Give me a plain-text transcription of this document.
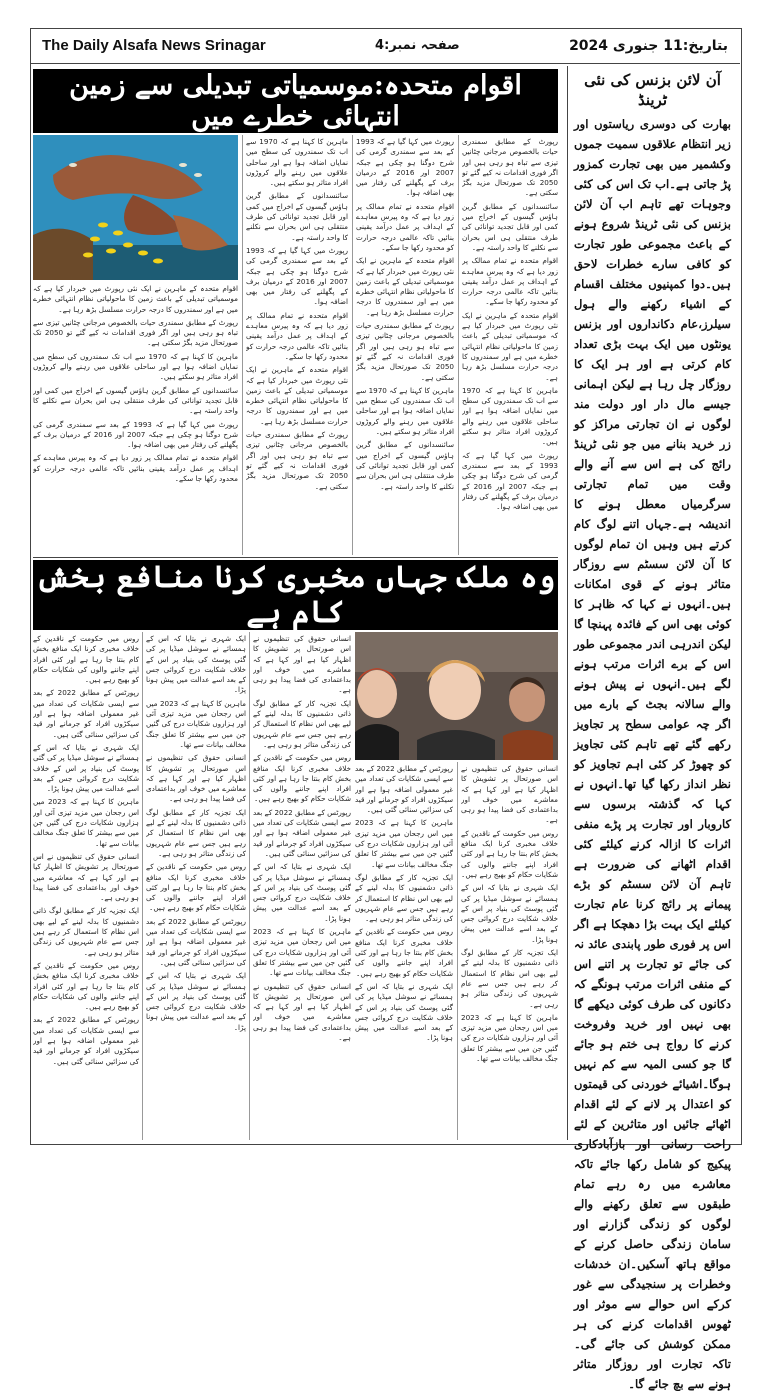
The Daily Alsafa News Srinagar	صفحہ نمبر:4	بتاریخ:11 جنوری 2024
اقوام متحدہ:موسمیاتی تبدیلی سے زمین انتہائی خطرے میں

اقوام متحدہ کے ماہرین نے ایک نئی رپورٹ میں خبردار کیا ہے کہ موسمیاتی تبدیلی کے باعث زمین کا ماحولیاتی نظام انتہائی خطرے میں ہے اور سمندروں کا درجہ حرارت مسلسل بڑھ رہا ہے۔

رپورٹ کے مطابق سمندری حیات بالخصوص مرجانی چٹانیں تیزی سے تباہ ہو رہی ہیں اور اگر فوری اقدامات نہ کیے گئے تو 2050 تک صورتحال مزید بگڑ سکتی ہے۔

ماہرین کا کہنا ہے کہ 1970 سے اب تک سمندروں کی سطح میں نمایاں اضافہ ہوا ہے اور ساحلی علاقوں میں رہنے والے کروڑوں افراد متاثر ہو سکتے ہیں۔

سائنسدانوں کے مطابق گرین ہاؤس گیسوں کے اخراج میں کمی اور قابل تجدید توانائی کی طرف منتقلی ہی اس بحران سے نکلنے کا واحد راستہ ہے۔

رپورٹ میں کہا گیا ہے کہ 1993 کے بعد سے سمندری گرمی کی شرح دوگنا ہو چکی ہے جبکہ 2007 اور 2016 کے درمیان برف کے پگھلنے کی رفتار میں بھی اضافہ ہوا۔

اقوام متحدہ نے تمام ممالک پر زور دیا ہے کہ وہ پیرس معاہدے کے اہداف پر عمل درآمد یقینی بنائیں تاکہ عالمی درجہ حرارت کو محدود رکھا جا سکے۔

ماہرین کا کہنا ہے کہ 1970 سے اب تک سمندروں کی سطح میں نمایاں اضافہ ہوا ہے اور ساحلی علاقوں میں رہنے والے کروڑوں افراد متاثر ہو سکتے ہیں۔

سائنسدانوں کے مطابق گرین ہاؤس گیسوں کے اخراج میں کمی اور قابل تجدید توانائی کی طرف منتقلی ہی اس بحران سے نکلنے کا واحد راستہ ہے۔

رپورٹ میں کہا گیا ہے کہ 1993 کے بعد سے سمندری گرمی کی شرح دوگنا ہو چکی ہے جبکہ 2007 اور 2016 کے درمیان برف کے پگھلنے کی رفتار میں بھی اضافہ ہوا۔

اقوام متحدہ نے تمام ممالک پر زور دیا ہے کہ وہ پیرس معاہدے کے اہداف پر عمل درآمد یقینی بنائیں تاکہ عالمی درجہ حرارت کو محدود رکھا جا سکے۔

اقوام متحدہ کے ماہرین نے ایک نئی رپورٹ میں خبردار کیا ہے کہ موسمیاتی تبدیلی کے باعث زمین کا ماحولیاتی نظام انتہائی خطرے میں ہے اور سمندروں کا درجہ حرارت مسلسل بڑھ رہا ہے۔

رپورٹ کے مطابق سمندری حیات بالخصوص مرجانی چٹانیں تیزی سے تباہ ہو رہی ہیں اور اگر فوری اقدامات نہ کیے گئے تو 2050 تک صورتحال مزید بگڑ سکتی ہے۔

رپورٹ میں کہا گیا ہے کہ 1993 کے بعد سے سمندری گرمی کی شرح دوگنا ہو چکی ہے جبکہ 2007 اور 2016 کے درمیان برف کے پگھلنے کی رفتار میں بھی اضافہ ہوا۔

اقوام متحدہ نے تمام ممالک پر زور دیا ہے کہ وہ پیرس معاہدے کے اہداف پر عمل درآمد یقینی بنائیں تاکہ عالمی درجہ حرارت کو محدود رکھا جا سکے۔

اقوام متحدہ کے ماہرین نے ایک نئی رپورٹ میں خبردار کیا ہے کہ موسمیاتی تبدیلی کے باعث زمین کا ماحولیاتی نظام انتہائی خطرے میں ہے اور سمندروں کا درجہ حرارت مسلسل بڑھ رہا ہے۔

رپورٹ کے مطابق سمندری حیات بالخصوص مرجانی چٹانیں تیزی سے تباہ ہو رہی ہیں اور اگر فوری اقدامات نہ کیے گئے تو 2050 تک صورتحال مزید بگڑ سکتی ہے۔

ماہرین کا کہنا ہے کہ 1970 سے اب تک سمندروں کی سطح میں نمایاں اضافہ ہوا ہے اور ساحلی علاقوں میں رہنے والے کروڑوں افراد متاثر ہو سکتے ہیں۔

سائنسدانوں کے مطابق گرین ہاؤس گیسوں کے اخراج میں کمی اور قابل تجدید توانائی کی طرف منتقلی ہی اس بحران سے نکلنے کا واحد راستہ ہے۔

رپورٹ کے مطابق سمندری حیات بالخصوص مرجانی چٹانیں تیزی سے تباہ ہو رہی ہیں اور اگر فوری اقدامات نہ کیے گئے تو 2050 تک صورتحال مزید بگڑ سکتی ہے۔

سائنسدانوں کے مطابق گرین ہاؤس گیسوں کے اخراج میں کمی اور قابل تجدید توانائی کی طرف منتقلی ہی اس بحران سے نکلنے کا واحد راستہ ہے۔

اقوام متحدہ نے تمام ممالک پر زور دیا ہے کہ وہ پیرس معاہدے کے اہداف پر عمل درآمد یقینی بنائیں تاکہ عالمی درجہ حرارت کو محدود رکھا جا سکے۔

اقوام متحدہ کے ماہرین نے ایک نئی رپورٹ میں خبردار کیا ہے کہ موسمیاتی تبدیلی کے باعث زمین کا ماحولیاتی نظام انتہائی خطرے میں ہے اور سمندروں کا درجہ حرارت مسلسل بڑھ رہا ہے۔

ماہرین کا کہنا ہے کہ 1970 سے اب تک سمندروں کی سطح میں نمایاں اضافہ ہوا ہے اور ساحلی علاقوں میں رہنے والے کروڑوں افراد متاثر ہو سکتے ہیں۔

رپورٹ میں کہا گیا ہے کہ 1993 کے بعد سے سمندری گرمی کی شرح دوگنا ہو چکی ہے جبکہ 2007 اور 2016 کے درمیان برف کے پگھلنے کی رفتار میں بھی اضافہ ہوا۔

وہ ملک جہاں مخبری کرنا منافع بخش کام ہے

روس میں حکومت کے ناقدین کے خلاف مخبری کرنا ایک منافع بخش کام بنتا جا رہا ہے اور کئی افراد اپنے جاننے والوں کی شکایات حکام کو بھیج رہے ہیں۔

رپورٹس کے مطابق 2022 کے بعد سے ایسی شکایات کی تعداد میں غیر معمولی اضافہ ہوا ہے اور سیکڑوں افراد کو جرمانے اور قید کی سزائیں سنائی گئی ہیں۔

ایک شہری نے بتایا کہ اس کے ہمسائے نے سوشل میڈیا پر کی گئی پوسٹ کی بنیاد پر اس کے خلاف شکایت درج کروائی جس کے بعد اسے عدالت میں پیش ہونا پڑا۔

ماہرین کا کہنا ہے کہ 2023 میں اس رجحان میں مزید تیزی آئی اور ہزاروں شکایات درج کی گئیں جن میں سے بیشتر کا تعلق جنگ مخالف بیانات سے تھا۔

انسانی حقوق کی تنظیموں نے اس صورتحال پر تشویش کا اظہار کیا ہے اور کہا ہے کہ معاشرے میں خوف اور بداعتمادی کی فضا پیدا ہو رہی ہے۔

ایک تجزیہ کار کے مطابق لوگ ذاتی دشمنیوں کا بدلہ لینے کے لیے بھی اس نظام کا استعمال کر رہے ہیں جس سے عام شہریوں کی زندگی متاثر ہو رہی ہے۔

روس میں حکومت کے ناقدین کے خلاف مخبری کرنا ایک منافع بخش کام بنتا جا رہا ہے اور کئی افراد اپنے جاننے والوں کی شکایات حکام کو بھیج رہے ہیں۔

رپورٹس کے مطابق 2022 کے بعد سے ایسی شکایات کی تعداد میں غیر معمولی اضافہ ہوا ہے اور سیکڑوں افراد کو جرمانے اور قید کی سزائیں سنائی گئی ہیں۔

ایک شہری نے بتایا کہ اس کے ہمسائے نے سوشل میڈیا پر کی گئی پوسٹ کی بنیاد پر اس کے خلاف شکایت درج کروائی جس کے بعد اسے عدالت میں پیش ہونا پڑا۔

ماہرین کا کہنا ہے کہ 2023 میں اس رجحان میں مزید تیزی آئی اور ہزاروں شکایات درج کی گئیں جن میں سے بیشتر کا تعلق جنگ مخالف بیانات سے تھا۔

انسانی حقوق کی تنظیموں نے اس صورتحال پر تشویش کا اظہار کیا ہے اور کہا ہے کہ معاشرے میں خوف اور بداعتمادی کی فضا پیدا ہو رہی ہے۔

ایک تجزیہ کار کے مطابق لوگ ذاتی دشمنیوں کا بدلہ لینے کے لیے بھی اس نظام کا استعمال کر رہے ہیں جس سے عام شہریوں کی زندگی متاثر ہو رہی ہے۔

روس میں حکومت کے ناقدین کے خلاف مخبری کرنا ایک منافع بخش کام بنتا جا رہا ہے اور کئی افراد اپنے جاننے والوں کی شکایات حکام کو بھیج رہے ہیں۔

رپورٹس کے مطابق 2022 کے بعد سے ایسی شکایات کی تعداد میں غیر معمولی اضافہ ہوا ہے اور سیکڑوں افراد کو جرمانے اور قید کی سزائیں سنائی گئی ہیں۔

ایک شہری نے بتایا کہ اس کے ہمسائے نے سوشل میڈیا پر کی گئی پوسٹ کی بنیاد پر اس کے خلاف شکایت درج کروائی جس کے بعد اسے عدالت میں پیش ہونا پڑا۔

انسانی حقوق کی تنظیموں نے اس صورتحال پر تشویش کا اظہار کیا ہے اور کہا ہے کہ معاشرے میں خوف اور بداعتمادی کی فضا پیدا ہو رہی ہے۔

ایک تجزیہ کار کے مطابق لوگ ذاتی دشمنیوں کا بدلہ لینے کے لیے بھی اس نظام کا استعمال کر رہے ہیں جس سے عام شہریوں کی زندگی متاثر ہو رہی ہے۔

روس میں حکومت کے ناقدین کے خلاف مخبری کرنا ایک منافع بخش کام بنتا جا رہا ہے اور کئی افراد اپنے جاننے والوں کی شکایات حکام کو بھیج رہے ہیں۔

رپورٹس کے مطابق 2022 کے بعد سے ایسی شکایات کی تعداد میں غیر معمولی اضافہ ہوا ہے اور سیکڑوں افراد کو جرمانے اور قید کی سزائیں سنائی گئی ہیں۔

ایک شہری نے بتایا کہ اس کے ہمسائے نے سوشل میڈیا پر کی گئی پوسٹ کی بنیاد پر اس کے خلاف شکایت درج کروائی جس کے بعد اسے عدالت میں پیش ہونا پڑا۔

ماہرین کا کہنا ہے کہ 2023 میں اس رجحان میں مزید تیزی آئی اور ہزاروں شکایات درج کی گئیں جن میں سے بیشتر کا تعلق جنگ مخالف بیانات سے تھا۔

انسانی حقوق کی تنظیموں نے اس صورتحال پر تشویش کا اظہار کیا ہے اور کہا ہے کہ معاشرے میں خوف اور بداعتمادی کی فضا پیدا ہو رہی ہے۔

رپورٹس کے مطابق 2022 کے بعد سے ایسی شکایات کی تعداد میں غیر معمولی اضافہ ہوا ہے اور سیکڑوں افراد کو جرمانے اور قید کی سزائیں سنائی گئی ہیں۔

ماہرین کا کہنا ہے کہ 2023 میں اس رجحان میں مزید تیزی آئی اور ہزاروں شکایات درج کی گئیں جن میں سے بیشتر کا تعلق جنگ مخالف بیانات سے تھا۔

ایک تجزیہ کار کے مطابق لوگ ذاتی دشمنیوں کا بدلہ لینے کے لیے بھی اس نظام کا استعمال کر رہے ہیں جس سے عام شہریوں کی زندگی متاثر ہو رہی ہے۔

روس میں حکومت کے ناقدین کے خلاف مخبری کرنا ایک منافع بخش کام بنتا جا رہا ہے اور کئی افراد اپنے جاننے والوں کی شکایات حکام کو بھیج رہے ہیں۔

ایک شہری نے بتایا کہ اس کے ہمسائے نے سوشل میڈیا پر کی گئی پوسٹ کی بنیاد پر اس کے خلاف شکایت درج کروائی جس کے بعد اسے عدالت میں پیش ہونا پڑا۔

انسانی حقوق کی تنظیموں نے اس صورتحال پر تشویش کا اظہار کیا ہے اور کہا ہے کہ معاشرے میں خوف اور بداعتمادی کی فضا پیدا ہو رہی ہے۔

روس میں حکومت کے ناقدین کے خلاف مخبری کرنا ایک منافع بخش کام بنتا جا رہا ہے اور کئی افراد اپنے جاننے والوں کی شکایات حکام کو بھیج رہے ہیں۔

ایک شہری نے بتایا کہ اس کے ہمسائے نے سوشل میڈیا پر کی گئی پوسٹ کی بنیاد پر اس کے خلاف شکایت درج کروائی جس کے بعد اسے عدالت میں پیش ہونا پڑا۔

ایک تجزیہ کار کے مطابق لوگ ذاتی دشمنیوں کا بدلہ لینے کے لیے بھی اس نظام کا استعمال کر رہے ہیں جس سے عام شہریوں کی زندگی متاثر ہو رہی ہے۔

ماہرین کا کہنا ہے کہ 2023 میں اس رجحان میں مزید تیزی آئی اور ہزاروں شکایات درج کی گئیں جن میں سے بیشتر کا تعلق جنگ مخالف بیانات سے تھا۔

آن لائن بزنس کی نئی ٹرینڈ
بھارت کی دوسری ریاستوں اور زیر انتظام علاقوں سمیت جموں وکشمیر میں بھی تجارت کمزور پڑ جاتی ہے۔اب تک اس کی کئی وجوہات تھے تاہم اب آن لائن بزنس کی نئی ٹرینڈ شروع ہونے کے باعث مجموعی طور تجارت کو کافی سارے خطرات لاحق ہیں۔دوا کمپنیوں مختلف اقسام کے اشیاء رکھنے والے ہول سیلرز،عام دکانداروں اور بزنس یونٹوں میں ایک بہت بڑی تعداد کام کرتی ہے اور ہر ایک کا روزگار چل رہا ہے لیکن اہمانی جیسے مال دار اور دولت مند لوگوں نے ان تجارتی مراکز کو زر خرید بنانے میں جو نئی ٹرینڈ رائج کی ہے اس سے آنے والے وقت میں تمام تجارتی سرگرمیاں معطل ہونے کا اندیشہ ہے۔جہاں اتنے لوگ کام کرتے ہیں وہیں ان تمام لوگوں کا آن لائن سسٹم سے روزگار متاثر ہونے کے قوی امکانات ہیں۔انہوں نے کہا کہ ظاہر کا کوئی بھی اس کے فائدہ پہنچا گا لیکن اندرہی اندر مجموعی طور اس کے برے اثرات مرتب ہونے لگے ہیں۔انہوں نے پیش ہونے والے سالانہ بجٹ کے بارے میں اگر چہ عوامی سطح پر تجاویز رکھے گئے تھے تاہم کئی تجاویز کو چھوڑ کر کئی اہم تجاویز کو نظر انداز رکھا گیا تھا۔انہوں نے کہا کہ گذشتہ برسوں سے کاروبار اور تجارت پر پڑے منفی اثرات کا ازالہ کرنے کیلئے کئی اقدام اٹھانے کی ضرورت ہے تاہم آن لائن سسٹم کو بڑے پیمانے پر رائج کرنا عام تجارت کیلئے ایک بہت بڑا دھچکا ہے اگر اس پر فوری طور پابندی عائد نہ کی جائے تو تجارت پر اتنے اس کے منفی اثرات مرتب ہونگے کہ دکانوں کی طرف کوئی دیکھے گا بھی نہیں اور خرید وفروخت کرنے کا رواج ہی ختم ہو جائے گا جو کسی المیہ سے کم نہیں ہوگا۔اشیائے خوردنی کی قیمتوں کو اعتدال پر لانے کے لئے اقدام اٹھائے جائیں اور متاثرین کے لئے راحت رسانی اور بازآبادکاری پیکیج کو شامل رکھا جائے تاکہ معاشرے میں رہ رہے تمام طبقوں سے تعلق رکھنے والے لوگوں کو زندگی گزارنے اور سامان زندگی حاصل کرنے کے مواقع ہاتھ آسکیں۔ان خدشات وخطرات پر سنجیدگی سے غور کرکے اس حوالے سے موثر اور ٹھوس اقدامات کرنے کی ہر ممکن کوشش کی جائے گی۔تاکہ تجارت اور روزگار متاثر ہونے سے بچ جائے گا۔
